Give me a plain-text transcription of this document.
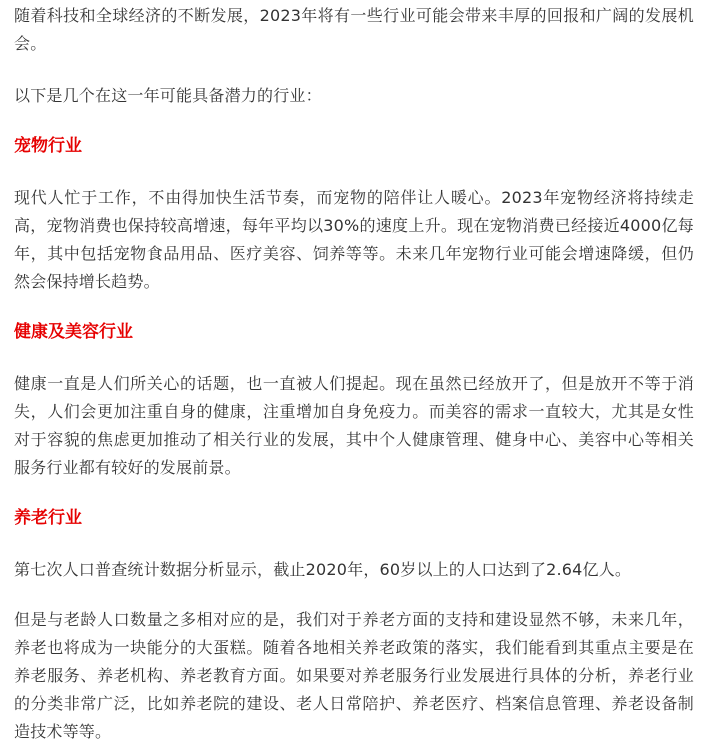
随着科技和全球经济的不断发展，2023年将有一些行业可能会带来丰厚的回报和广阔的发展机会。

以下是几个在这一年可能具备潜力的行业：

宠物行业

现代人忙于工作，不由得加快生活节奏，而宠物的陪伴让人暖心。2023年宠物经济将持续走高，宠物消费也保持较高增速，每年平均以30%的速度上升。现在宠物消费已经接近4000亿每年，其中包括宠物食品用品、医疗美容、饲养等等。未来几年宠物行业可能会增速降缓，但仍然会保持增长趋势。

健康及美容行业

健康一直是人们所关心的话题，也一直被人们提起。现在虽然已经放开了，但是放开不等于消失，人们会更加注重自身的健康，注重增加自身免疫力。而美容的需求一直较大，尤其是女性对于容貌的焦虑更加推动了相关行业的发展，其中个人健康管理、健身中心、美容中心等相关服务行业都有较好的发展前景。

养老行业

第七次人口普查统计数据分析显示，截止2020年，60岁以上的人口达到了2.64亿人。

但是与老龄人口数量之多相对应的是，我们对于养老方面的支持和建设显然不够，未来几年，养老也将成为一块能分的大蛋糕。随着各地相关养老政策的落实，我们能看到其重点主要是在养老服务、养老机构、养老教育方面。如果要对养老服务行业发展进行具体的分析，养老行业的分类非常广泛，比如养老院的建设、老人日常陪护、养老医疗、档案信息管理、养老设备制造技术等等。
